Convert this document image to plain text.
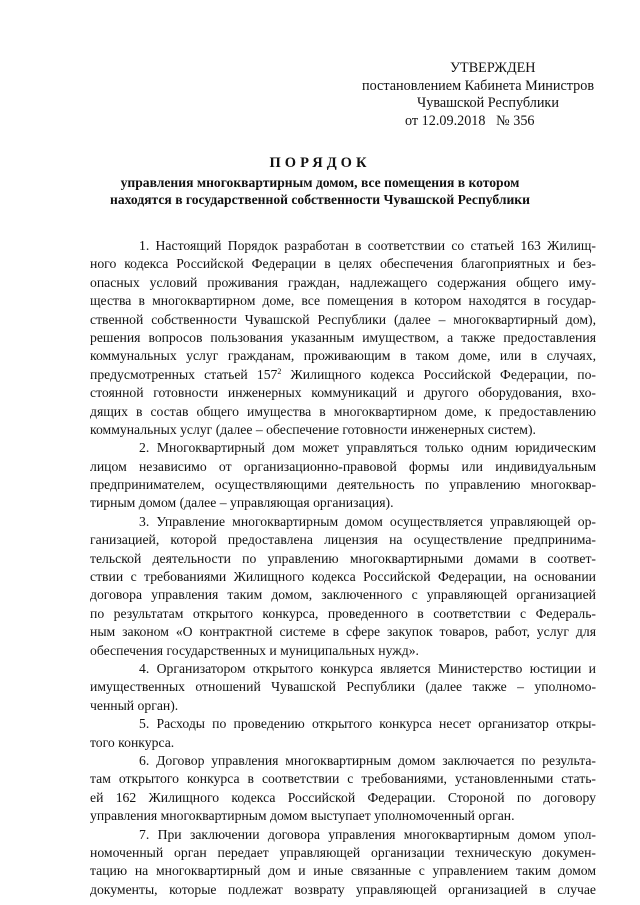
УТВЕРЖДЕН
постановлением Кабинета Министров
Чувашской Республики
от 12.09.2018   № 356
ПОРЯДОК
управления многоквартирным домом, все помещения в котором
находятся в государственной собственности Чувашской Республики
1. Настоящий Порядок разработан в соответствии со статьей 163 Жилищ-
ного кодекса Российской Федерации в целях обеспечения благоприятных и без-
опасных условий проживания граждан, надлежащего содержания общего иму-
щества в многоквартирном доме, все помещения в котором находятся в государ-
ственной собственности Чувашской Республики (далее – многоквартирный дом),
решения вопросов пользования указанным имуществом, а также предоставления
коммунальных услуг гражданам, проживающим в таком доме, или в случаях,
предусмотренных статьей $157^2$ Жилищного кодекса Российской Федерации, по-
стоянной готовности инженерных коммуникаций и другого оборудования, вхо-
дящих в состав общего имущества в многоквартирном доме, к предоставлению
коммунальных услуг (далее – обеспечение готовности инженерных систем).
2. Многоквартирный дом может управляться только одним юридическим
лицом независимо от организационно-правовой формы или индивидуальным
предпринимателем, осуществляющими деятельность по управлению многоквар-
тирным домом (далее – управляющая организация).
3. Управление многоквартирным домом осуществляется управляющей ор-
ганизацией, которой предоставлена лицензия на осуществление предпринима-
тельской деятельности по управлению многоквартирными домами в соответ-
ствии с требованиями Жилищного кодекса Российской Федерации, на основании
договора управления таким домом, заключенного с управляющей организацией
по результатам открытого конкурса, проведенного в соответствии с Федераль-
ным законом «О контрактной системе в сфере закупок товаров, работ, услуг для
обеспечения государственных и муниципальных нужд».
4. Организатором открытого конкурса является Министерство юстиции и
имущественных отношений Чувашской Республики (далее также – уполномо-
ченный орган).
5. Расходы по проведению открытого конкурса несет организатор откры-
того конкурса.
6. Договор управления многоквартирным домом заключается по результа-
там открытого конкурса в соответствии с требованиями, установленными стать-
ей 162 Жилищного кодекса Российской Федерации. Стороной по договору
управления многоквартирным домом выступает уполномоченный орган.
7. При заключении договора управления многоквартирным домом упол-
номоченный орган передает управляющей организации техническую докумен-
тацию на многоквартирный дом и иные связанные с управлением таким домом
документы, которые подлежат возврату управляющей организацией в случае
